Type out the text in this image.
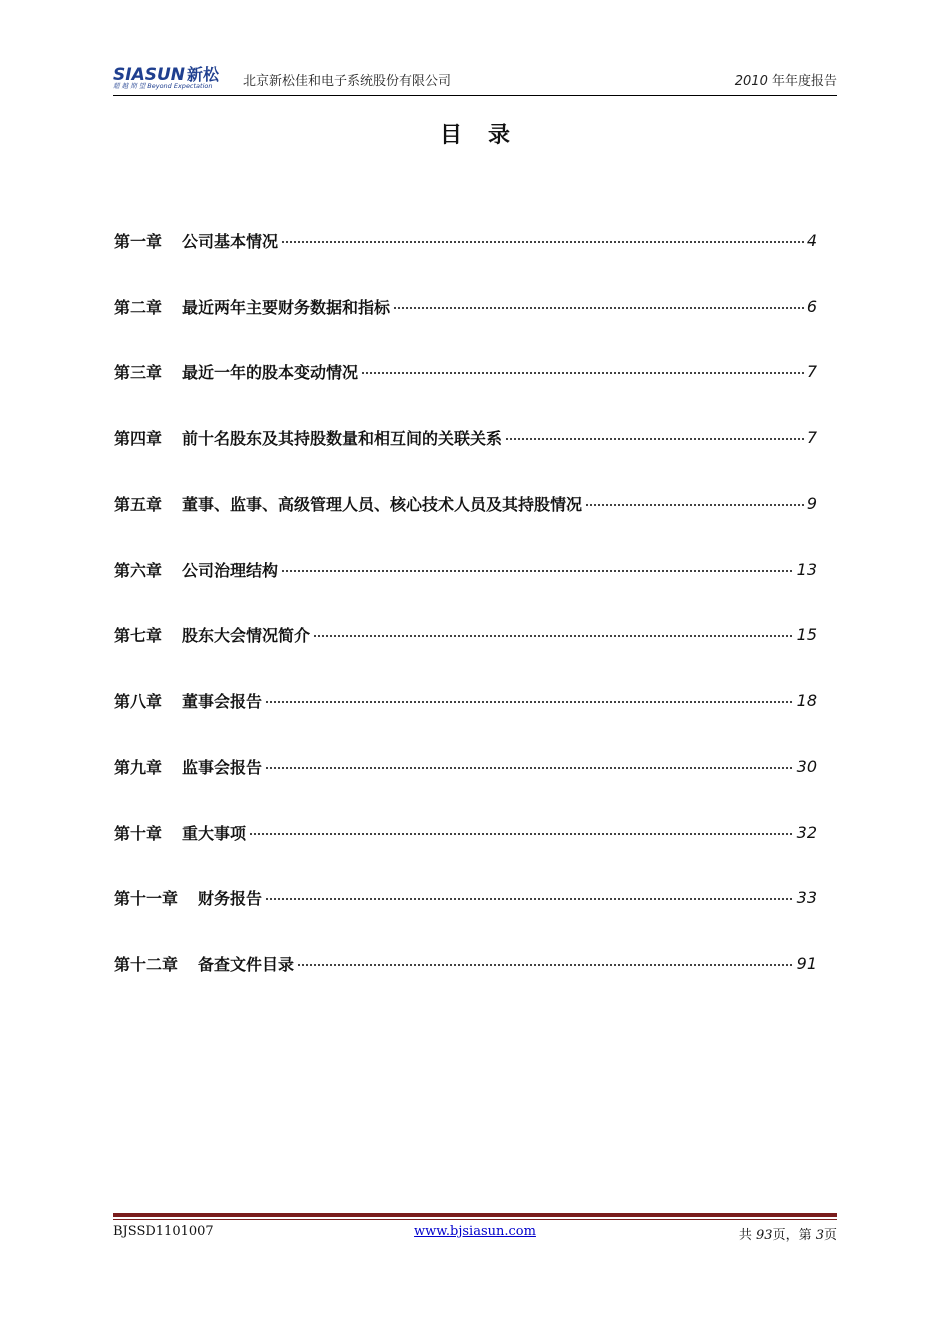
SIASUN 新松
超 越 期 望 Beyond Expectation 北京新松佳和电子系统股份有限公司	2010 年年度报告
目录
第一章 公司基本情况	4
第二章 最近两年主要财务数据和指标	6
第三章 最近一年的股本变动情况	7
第四章 前十名股东及其持股数量和相互间的关联关系	7
第五章 董事、监事、高级管理人员、核心技术人员及其持股情况	9
第六章 公司治理结构	13
第七章 股东大会情况简介	15
第八章 董事会报告	18
第九章 监事会报告	30
第十章 重大事项	32
第十一章 财务报告	33
第十二章 备查文件目录	91
BJSSD1101007	www.bjsiasun.com	共 93页，第 3页
